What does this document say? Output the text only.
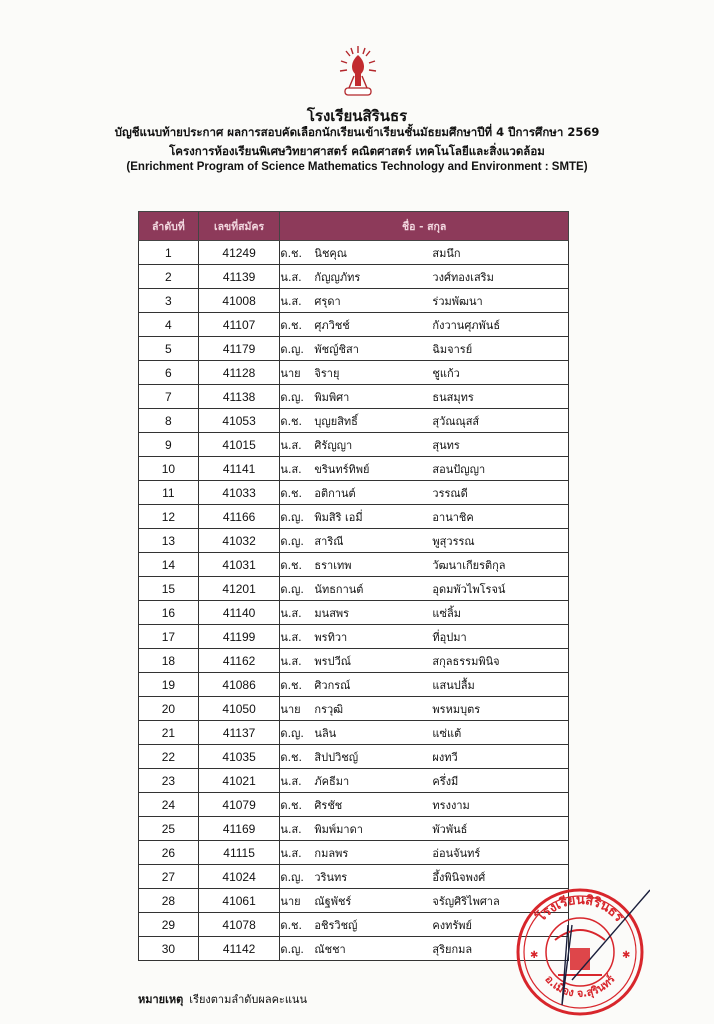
โรงเรียนสิรินธร
บัญชีแนบท้ายประกาศ ผลการสอบคัดเลือกนักเรียนเข้าเรียนชั้นมัธยมศึกษาปีที่ 4 ปีการศึกษา 2569
โครงการห้องเรียนพิเศษวิทยาศาสตร์ คณิตศาสตร์ เทคโนโลยีและสิ่งแวดล้อม
(Enrichment Program of Science Mathematics Technology and Environment : SMTE)
ลำดับที่	เลขที่สมัคร	ชื่อ - สกุล
1	41249	ด.ช. นิชคุณ สมนึก
2	41139	น.ส. กัญญภัทร วงศ์ทองเสริม
3	41008	น.ส. ศรุดา ร่วมพัฒนา
4	41107	ด.ช. ศุภวิชช์ กังวานศุภพันธ์
5	41179	ด.ญ. พัชญ์ชิสา ฉิมจารย์
6	41128	นาย จิรายุ ชูแก้ว
7	41138	ด.ญ. พิมพิศา ธนสมุทร
8	41053	ด.ช. บุญยสิทธิ์ สุวัณณุสส์
9	41015	น.ส. ศิรัญญา สุนทร
10	41141	น.ส. ขรินทร์ทิพย์ สอนปัญญา
11	41033	ด.ช. อติกานต์ วรรณดี
12	41166	ด.ญ. พิมสิริ เอมี่ อานาชิค
13	41032	ด.ญ. สาริณี พูสุวรรณ
14	41031	ด.ช. ธราเทพ วัฒนาเกียรติกุล
15	41201	ด.ญ. นัทธกานต์ อุดมพัวไพโรจน์
16	41140	น.ส. มนสพร แซ่ลิ้ม
17	41199	น.ส. พรทิวา ที่อุปมา
18	41162	น.ส. พรปวีณ์ สกุลธรรมพินิจ
19	41086	ด.ช. ศิวกรณ์ แสนปลื้ม
20	41050	นาย กรวุฒิ พรหมบุตร
21	41137	ด.ญ. นลิน แซ่แต้
22	41035	ด.ช. สิปปวิชญ์ ผงทวี
23	41021	น.ส. ภัคธีมา ครึ่งมี
24	41079	ด.ช. ศิรชัช ทรงงาม
25	41169	น.ส. พิมพ์มาดา พัวพันธ์
26	41115	น.ส. กมลพร อ่อนจันทร์
27	41024	ด.ญ. วรินทร อึ้งพินิจพงศ์
28	41061	นาย ณัฐพัชร์ จรัญศิริไพศาล
29	41078	ด.ช. อชิรวิชญ์ คงทรัพย์
30	41142	ด.ญ. ณัชชา สุริยกมล
หมายเหตุ เรียงตามลำดับผลคะแนน
โรงเรียนสิรินธร
อ.เมือง จ.สุรินทร์
✱	✱
